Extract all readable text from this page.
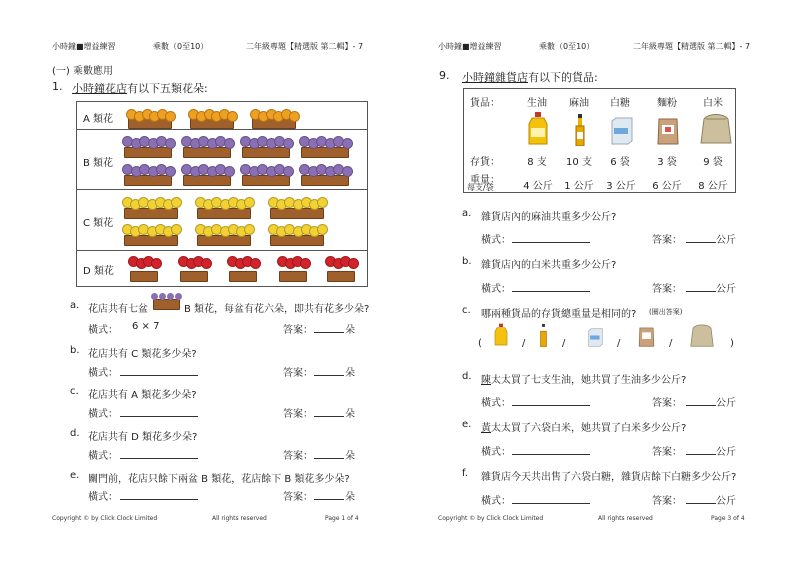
小時鐘■增益練習	乘數（0至10）	二年級專題【精選版 第二輯】- 7
(一) 乘數應用
1. 小時鐘花店有以下五類花朵:
A 類花
B 類花
C 類花
D 類花
a. 花店共有七盆	B 類花，每盆有花六朵，即共有花多少朵?
橫式： 6 × 7	答案：	朵
b. 花店共有 C 類花多少朵?
橫式：	答案：	朵
c. 花店共有 A 類花多少朵?
橫式：	答案：	朵
d. 花店共有 D 類花多少朵?
橫式：	答案：	朵
e. 關門前，花店只餘下兩盆 B 類花，花店餘下 B 類花多少朵?
橫式：	答案：	朵
Copyright © by Click Clock Limited	All rights reserved	Page 1 of 4
小時鐘■增益練習	乘數（0至10）	二年級專題【精選版 第二輯】- 7
9. 小時鐘雜貨店有以下的貨品:
貨品：	生油	麻油	白糖	麵粉	白米
存貨：	8 支	10 支	6 袋	3 袋	9 袋
重量：
每支/袋	4 公斤	1 公斤	3 公斤	6 公斤	8 公斤
a. 雜貨店內的麻油共重多少公斤?
橫式：	答案：	公斤
b. 雜貨店內的白米共重多少公斤?
橫式：	答案：	公斤
c. 哪兩種貨品的存貨總重量是相同的? (圈出答案)
(	/	/	/	/	)
d. 陳太太買了七支生油，她共買了生油多少公斤?
橫式：	答案：	公斤
e. 黃太太買了六袋白米，她共買了白米多少公斤?
橫式：	答案：	公斤
f. 雜貨店今天共出售了六袋白糖，雜貨店餘下白糖多少公斤?
橫式：	答案：	公斤
Copyright © by Click Clock Limited	All rights reserved	Page 3 of 4
